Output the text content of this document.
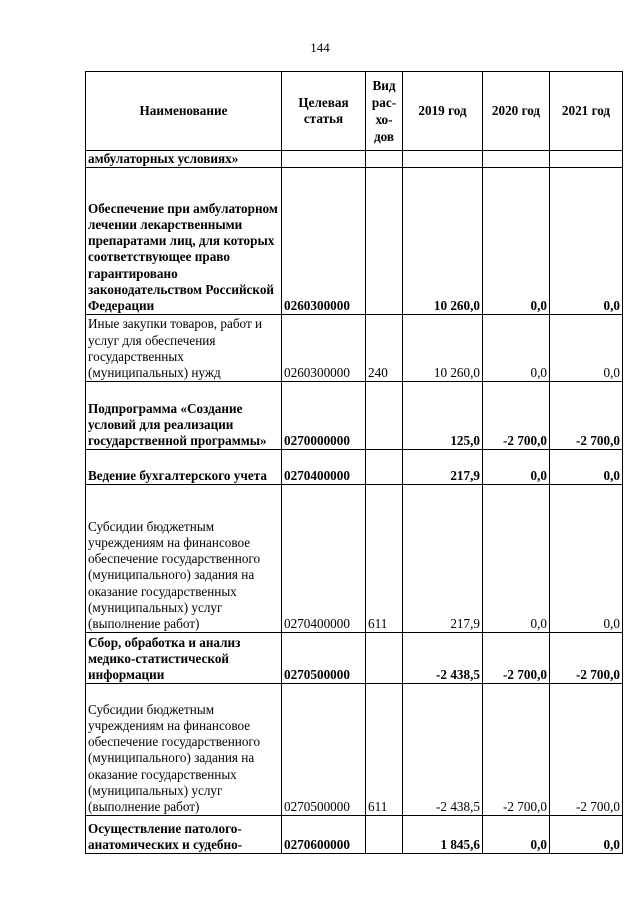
144
Наименование	Целевая статья	Вид рас-хо-дов	2019 год	2020 год	2021 год
амбулаторных условиях»					
Обеспечение при амбулаторном лечении лекарственными препаратами лиц, для которых соответствующее право гарантировано законодательством Российской Федерации	0260300000		10 260,0	0,0	0,0
Иные закупки товаров, работ и услуг для обеспечения государственных (муниципальных) нужд	0260300000	240	10 260,0	0,0	0,0
Подпрограмма «Создание условий для реализации государственной программы»	0270000000		125,0	-2 700,0	-2 700,0
Ведение бухгалтерского учета	0270400000		217,9	0,0	0,0
Субсидии бюджетным учреждениям на финансовое обеспечение государственного (муниципального) задания на оказание государственных (муниципальных) услуг (выполнение работ)	0270400000	611	217,9	0,0	0,0
Сбор, обработка и анализ медико-статистической информации	0270500000		-2 438,5	-2 700,0	-2 700,0
Субсидии бюджетным учреждениям на финансовое обеспечение государственного (муниципального) задания на оказание государственных (муниципальных) услуг (выполнение работ)	0270500000	611	-2 438,5	-2 700,0	-2 700,0
Осуществление патолого-анатомических и судебно-	0270600000		1 845,6	0,0	0,0
